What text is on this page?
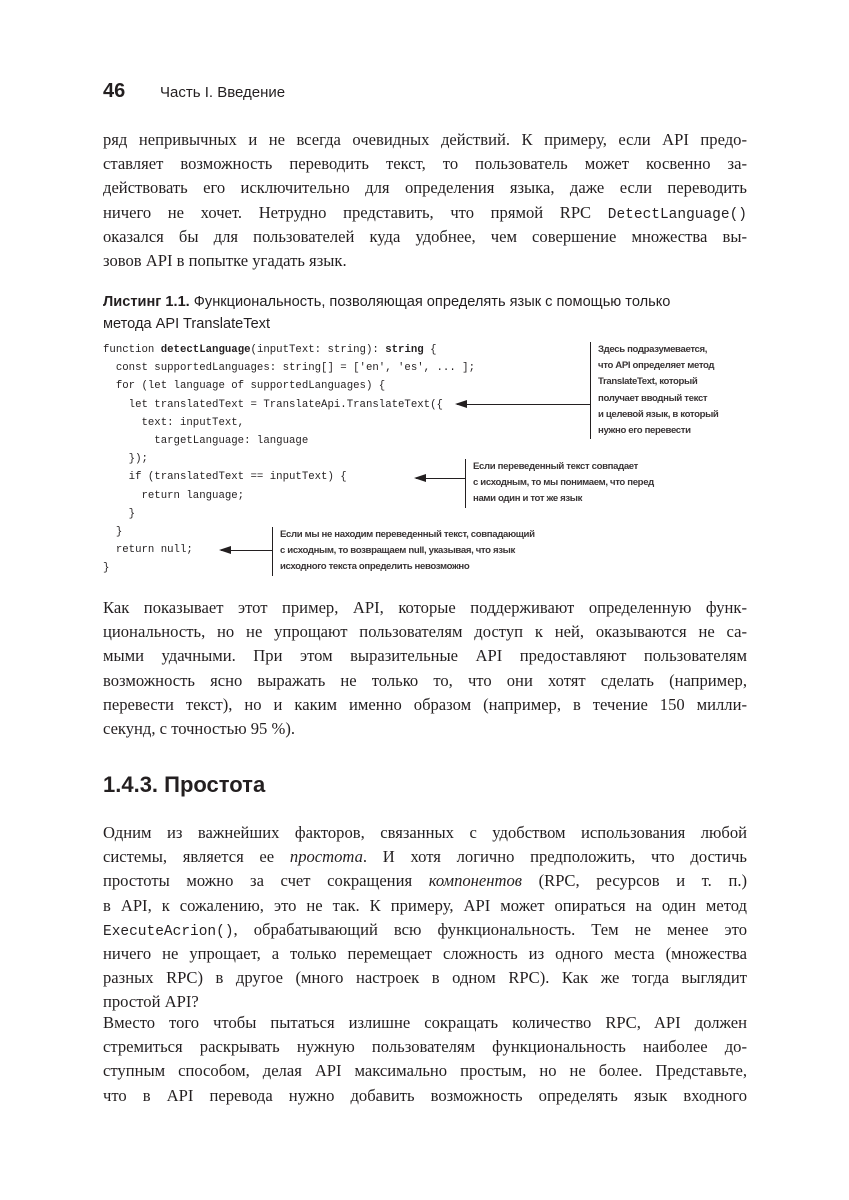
46 Часть I. Введение
ряд непривычных и не всегда очевидных действий. К примеру, если API предо-
ставляет возможность переводить текст, то пользователь может косвенно за-
действовать его исключительно для определения языка, даже если переводить
ничего не хочет. Нетрудно представить, что прямой RPC DetectLanguage()
оказался бы для пользователей куда удобнее, чем совершение множества вы-
зовов API в попытке угадать язык.
Листинг 1.1. Функциональность, позволяющая определять язык с помощью только
метода API TranslateText
function detectLanguage(inputText: string): string {
const supportedLanguages: string[] = ['en', 'es', ... ];
for (let language of supportedLanguages) {
let translatedText = TranslateApi.TranslateText({
text: inputText,
targetLanguage: language
});
if (translatedText == inputText) {
return language;
}
}
return null;
}
Здесь подразумевается,
что API определяет метод
TranslateText, который
получает вводный текст
и целевой язык, в который
нужно его перевести
Если переведенный текст совпадает
с исходным, то мы понимаем, что перед
нами один и тот же язык
Если мы не находим переведенный текст, совпадающий
с исходным, то возвращаем null, указывая, что язык
исходного текста определить невозможно
Как показывает этот пример, API, которые поддерживают определенную функ-
циональность, но не упрощают пользователям доступ к ней, оказываются не са-
мыми удачными. При этом выразительные API предоставляют пользователям
возможность ясно выражать не только то, что они хотят сделать (например,
перевести текст), но и каким именно образом (например, в течение 150 милли-
секунд, с точностью 95 %).
1.4.3. Простота
Одним из важнейших факторов, связанных с удобством использования любой
системы, является ее простота. И хотя логично предположить, что достичь
простоты можно за счет сокращения компонентов (RPC, ресурсов и т. п.)
в API, к сожалению, это не так. К примеру, API может опираться на один метод
ExecuteAcrion(), обрабатывающий всю функциональность. Тем не менее это
ничего не упрощает, а только перемещает сложность из одного места (множества
разных RPC) в другое (много настроек в одном RPC). Как же тогда выглядит
простой API?
Вместо того чтобы пытаться излишне сокращать количество RPC, API должен
стремиться раскрывать нужную пользователям функциональность наиболее до-
ступным способом, делая API максимально простым, но не более. Представьте,
что в API перевода нужно добавить возможность определять язык входного
